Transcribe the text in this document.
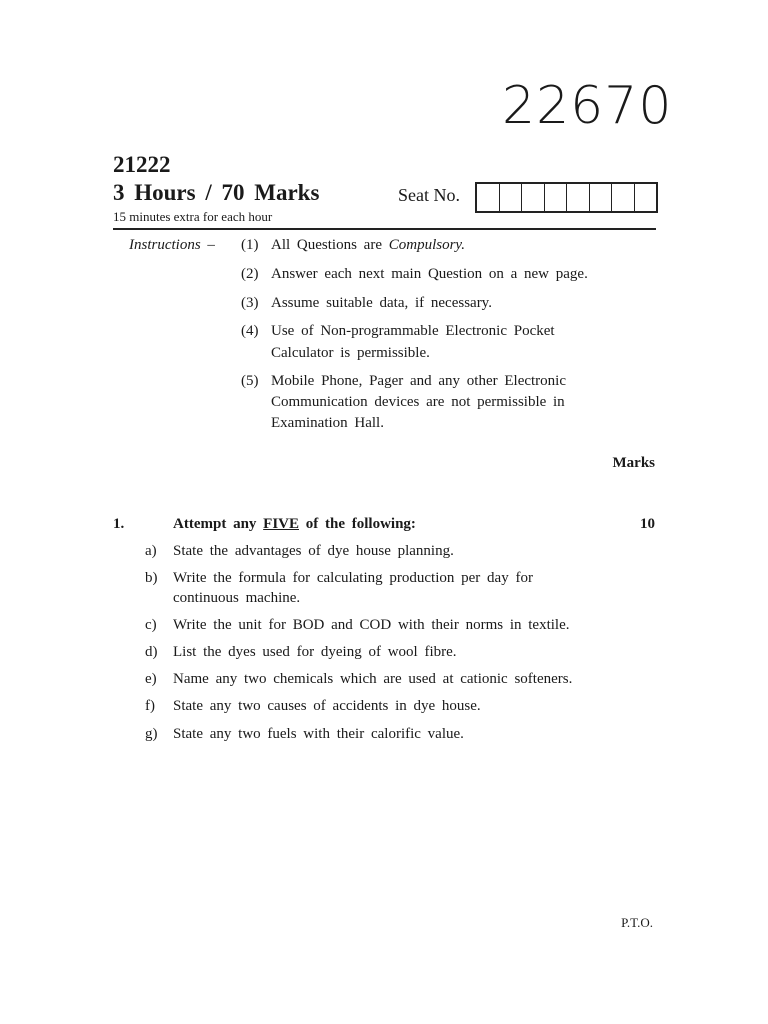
22670
21222
3 Hours / 70 Marks
15 minutes extra for each hour
Seat No.
Instructions – (1) All Questions are Compulsory.
(2) Answer each next main Question on a new page.
(3) Assume suitable data, if necessary.
(4) Use of Non-programmable Electronic Pocket
Calculator is permissible.
(5) Mobile Phone, Pager and any other Electronic
Communication devices are not permissible in
Examination Hall.
Marks
1.	Attempt any FIVE of the following:	10
a) State the advantages of dye house planning.
b) Write the formula for calculating production per day for
continuous machine.
c) Write the unit for BOD and COD with their norms in textile.
d) List the dyes used for dyeing of wool fibre.
e) Name any two chemicals which are used at cationic softeners.
f) State any two causes of accidents in dye house.
g) State any two fuels with their calorific value.
P.T.O.
